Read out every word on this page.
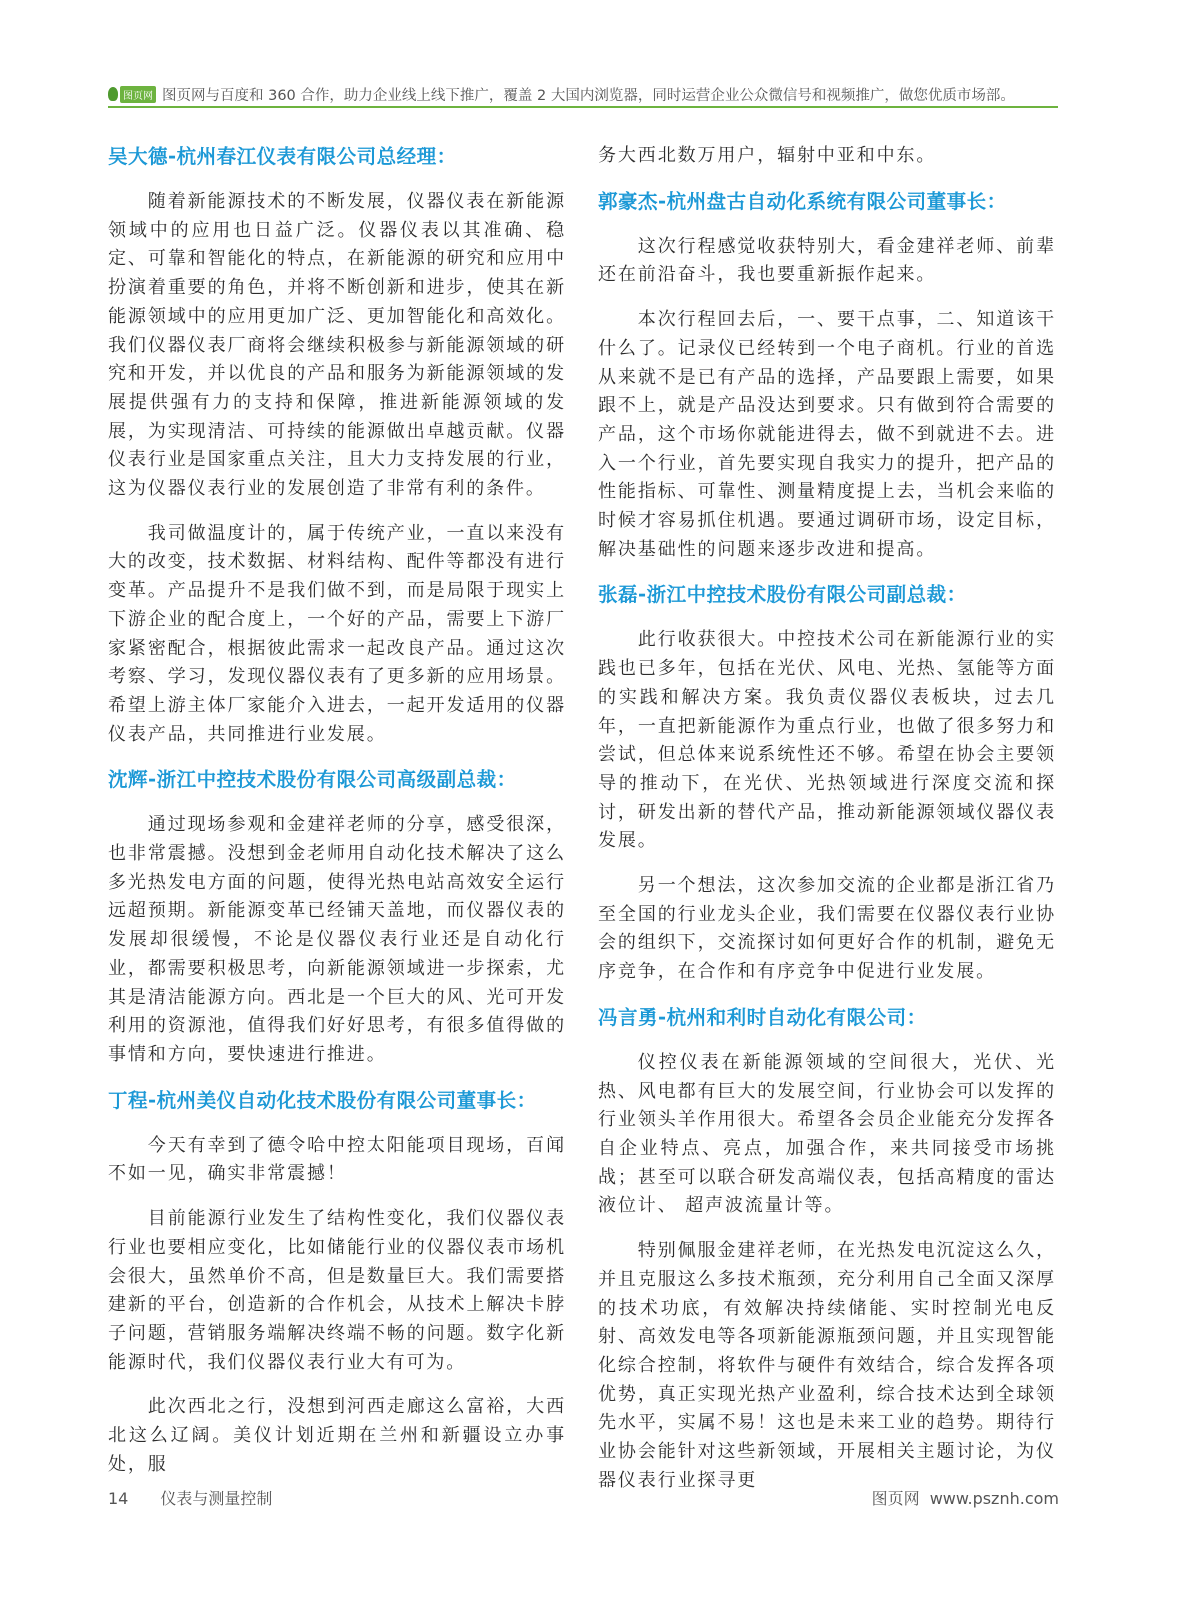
图页网 图页网与百度和 360 合作，助力企业线上线下推广，覆盖 2 大国内浏览器，同时运营企业公众微信号和视频推广，做您优质市场部。
吴大德-杭州春江仪表有限公司总经理：

随着新能源技术的不断发展，仪器仪表在新能源领域中的应用也日益广泛。仪器仪表以其准确、稳定、可靠和智能化的特点，在新能源的研究和应用中扮演着重要的角色，并将不断创新和进步，使其在新能源领域中的应用更加广泛、更加智能化和高效化。我们仪器仪表厂商将会继续积极参与新能源领域的研究和开发，并以优良的产品和服务为新能源领域的发展提供强有力的支持和保障，推进新能源领域的发展，为实现清洁、可持续的能源做出卓越贡献。仪器仪表行业是国家重点关注，且大力支持发展的行业，这为仪器仪表行业的发展创造了非常有利的条件。

我司做温度计的，属于传统产业，一直以来没有大的改变，技术数据、材料结构、配件等都没有进行变革。产品提升不是我们做不到，而是局限于现实上下游企业的配合度上，一个好的产品，需要上下游厂家紧密配合，根据彼此需求一起改良产品。通过这次考察、学习，发现仪器仪表有了更多新的应用场景。希望上游主体厂家能介入进去，一起开发适用的仪器仪表产品，共同推进行业发展。

沈辉-浙江中控技术股份有限公司高级副总裁：

通过现场参观和金建祥老师的分享，感受很深，也非常震撼。没想到金老师用自动化技术解决了这么多光热发电方面的问题，使得光热电站高效安全运行远超预期。新能源变革已经铺天盖地，而仪器仪表的发展却很缓慢，不论是仪器仪表行业还是自动化行业，都需要积极思考，向新能源领域进一步探索，尤其是清洁能源方向。西北是一个巨大的风、光可开发利用的资源池，值得我们好好思考，有很多值得做的事情和方向，要快速进行推进。

丁程-杭州美仪自动化技术股份有限公司董事长：

今天有幸到了德令哈中控太阳能项目现场，百闻不如一见，确实非常震撼！

目前能源行业发生了结构性变化，我们仪器仪表行业也要相应变化，比如储能行业的仪器仪表市场机会很大，虽然单价不高，但是数量巨大。我们需要搭建新的平台，创造新的合作机会，从技术上解决卡脖子问题，营销服务端解决终端不畅的问题。数字化新能源时代，我们仪器仪表行业大有可为。

此次西北之行，没想到河西走廊这么富裕，大西北这么辽阔。美仪计划近期在兰州和新疆设立办事处，服

务大西北数万用户，辐射中亚和中东。

郭豪杰-杭州盘古自动化系统有限公司董事长：

这次行程感觉收获特别大，看金建祥老师、前辈还在前沿奋斗，我也要重新振作起来。

本次行程回去后，一、要干点事，二、知道该干什么了。记录仪已经转到一个电子商机。行业的首选从来就不是已有产品的选择，产品要跟上需要，如果跟不上，就是产品没达到要求。只有做到符合需要的产品，这个市场你就能进得去，做不到就进不去。进入一个行业，首先要实现自我实力的提升，把产品的性能指标、可靠性、测量精度提上去，当机会来临的时候才容易抓住机遇。要通过调研市场，设定目标，解决基础性的问题来逐步改进和提高。

张磊-浙江中控技术股份有限公司副总裁：

此行收获很大。中控技术公司在新能源行业的实践也已多年，包括在光伏、风电、光热、氢能等方面的实践和解决方案。我负责仪器仪表板块，过去几年，一直把新能源作为重点行业，也做了很多努力和尝试，但总体来说系统性还不够。希望在协会主要领导的推动下，在光伏、光热领域进行深度交流和探讨，研发出新的替代产品，推动新能源领域仪器仪表发展。

另一个想法，这次参加交流的企业都是浙江省乃至全国的行业龙头企业，我们需要在仪器仪表行业协会的组织下，交流探讨如何更好合作的机制，避免无序竞争，在合作和有序竞争中促进行业发展。

冯言勇-杭州和利时自动化有限公司：

仪控仪表在新能源领域的空间很大，光伏、光热、风电都有巨大的发展空间，行业协会可以发挥的行业领头羊作用很大。希望各会员企业能充分发挥各自企业特点、亮点，加强合作，来共同接受市场挑战；甚至可以联合研发高端仪表，包括高精度的雷达液位计、 超声波流量计等。

特别佩服金建祥老师，在光热发电沉淀这么久，并且克服这么多技术瓶颈，充分利用自己全面又深厚的技术功底，有效解决持续储能、实时控制光电反射、高效发电等各项新能源瓶颈问题，并且实现智能化综合控制，将软件与硬件有效结合，综合发挥各项优势，真正实现光热产业盈利，综合技术达到全球领先水平，实属不易！这也是未来工业的趋势。期待行业协会能针对这些新领域，开展相关主题讨论，为仪器仪表行业探寻更

14 仪表与测量控制	图页网 www.psznh.com
